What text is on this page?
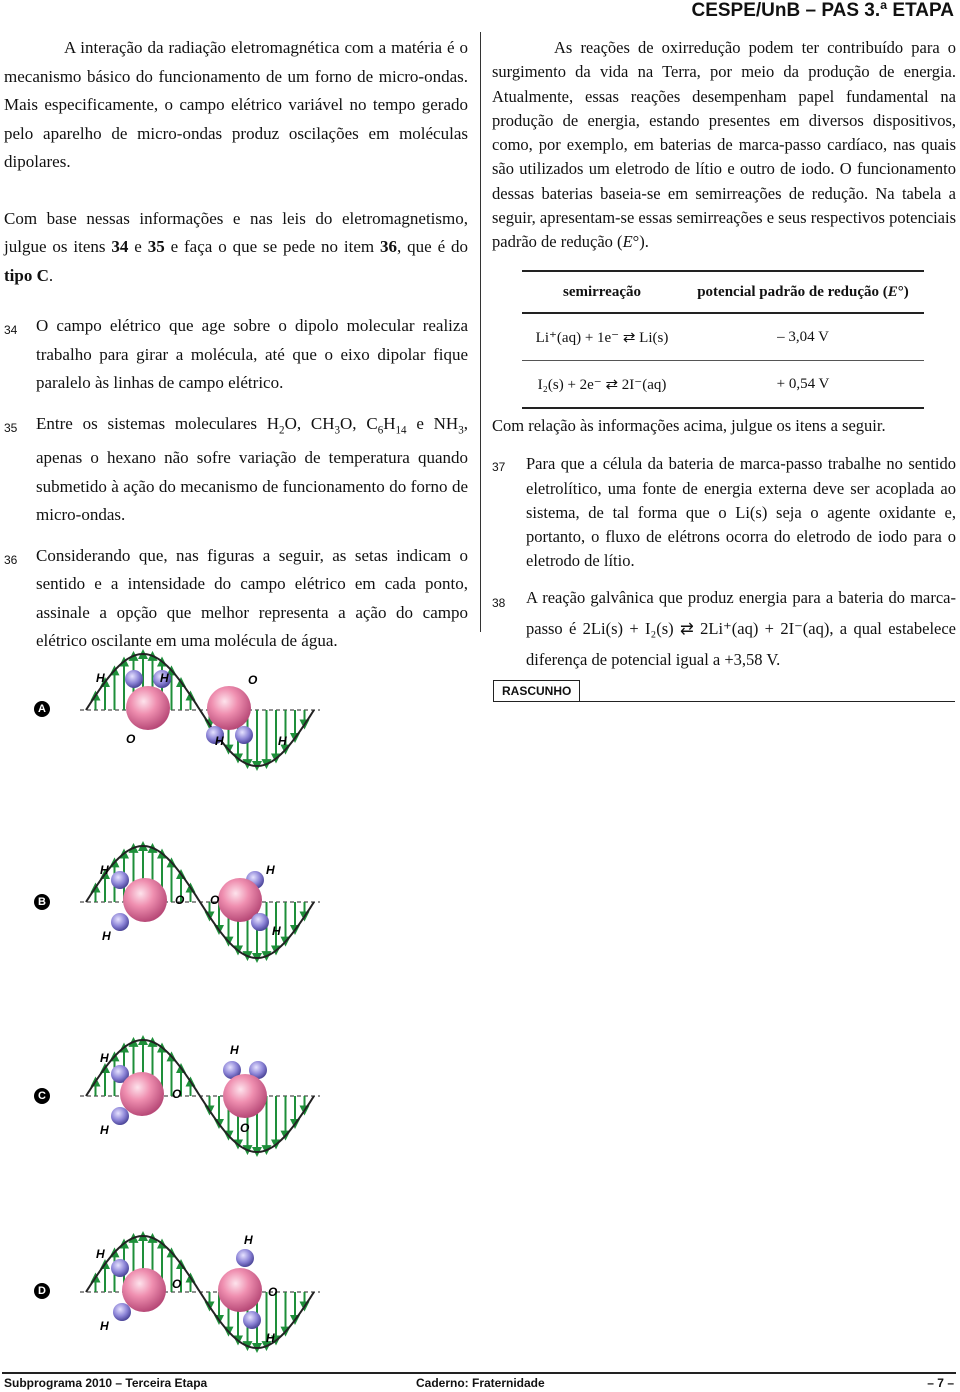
CESPE/UnB – PAS 3.ª ETAPA

A interação da radiação eletromagnética com a matéria é o mecanismo básico do funcionamento de um forno de micro-ondas. Mais especificamente, o campo elétrico variável no tempo gerado pelo aparelho de micro-ondas produz oscilações em moléculas dipolares.

Com base nessas informações e nas leis do eletromagnetismo, julgue os itens 34 e 35 e faça o que se pede no item 36, que é do tipo C.

34 O campo elétrico que age sobre o dipolo molecular realiza trabalho para girar a molécula, até que o eixo dipolar fique paralelo às linhas de campo elétrico.
35 Entre os sistemas moleculares $H_2O$, $CH_3O$, $C_6H_{14}$ e $NH_3$, apenas o hexano não sofre variação de temperatura quando submetido à ação do mecanismo de funcionamento do forno de micro-ondas.
36 Considerando que, nas figuras a seguir, as setas indicam o sentido e a intensidade do campo elétrico em cada ponto, assinale a opção que melhor representa a ação do campo elétrico oscilante em uma molécula de água.
A
H	H
O
O
H	H
B
H
O
H
H
O
H
C
H
O
H
H
O
D
H
O
H
H
O
H

As reações de oxirredução podem ter contribuído para o surgimento da vida na Terra, por meio da produção de energia. Atualmente, essas reações desempenham papel fundamental na produção de energia, estando presentes em diversos dispositivos, como, por exemplo, em baterias de marca-passo cardíaco, nas quais são utilizados um eletrodo de lítio e outro de iodo. O funcionamento dessas baterias baseia-se em semirreações de redução. Na tabela a seguir, apresentam-se essas semirreações e seus respectivos potenciais padrão de redução (E°).

semirreação	potencial padrão de redução (E°)
Li⁺(aq) + 1e⁻ ⇄ Li(s)	– 3,04 V
I₂(s) + 2e⁻ ⇄ 2I⁻(aq)	+ 0,54 V

Com relação às informações acima, julgue os itens a seguir.

37 Para que a célula da bateria de marca-passo trabalhe no sentido eletrolítico, uma fonte de energia externa deve ser acoplada ao sistema, de tal forma que o Li(s) seja o agente oxidante e, portanto, o fluxo de elétrons ocorra do eletrodo de iodo para o eletrodo de lítio.
38 A reação galvânica que produz energia para a bateria do marca-passo é 2Li(s) + I₂(s) ⇄ 2Li⁺(aq) + 2I⁻(aq), a qual estabelece diferença de potencial igual a +3,58 V.
RASCUNHO
Subprograma 2010 – Terceira Etapa	Caderno: Fraternidade	– 7 –
